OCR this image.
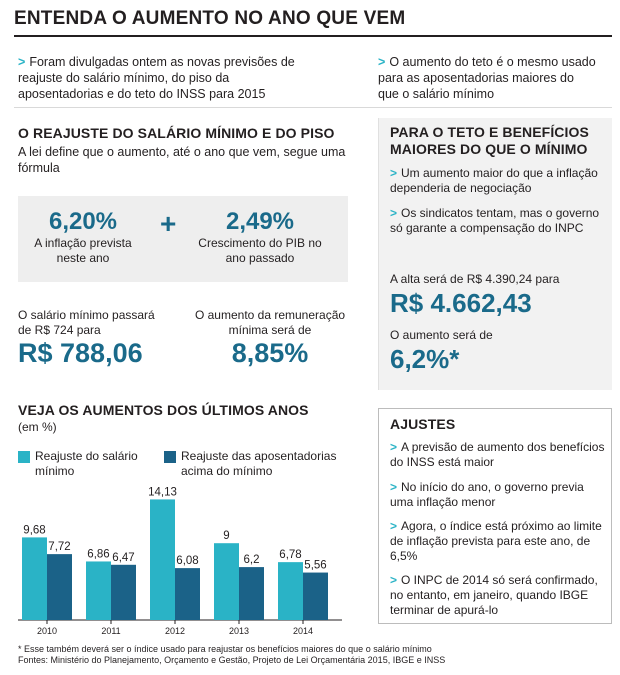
ENTENDA O AUMENTO NO ANO QUE VEM
> Foram divulgadas ontem as novas previsões de reajuste do salário mínimo, do piso da aposentadorias e do teto do INSS para 2015
> O aumento do teto é o mesmo usado para as aposentadorias maiores do que o salário mínimo
O REAJUSTE DO SALÁRIO MÍNIMO E DO PISO
A lei define que o aumento, até o ano que vem, segue uma fórmula
6,20%
A inflação prevista neste ano
+	2,49%
Crescimento do PIB no ano passado
O salário mínimo passará de R$ 724 para
R$ 788,06
O aumento da remuneração mínima será de
8,85%
PARA O TETO E BENEFÍCIOS MAIORES DO QUE O MÍNIMO
> Um aumento maior do que a inflação dependeria de negociação
> Os sindicatos tentam, mas o governo só garante a compensação do INPC
A alta será de R$ 4.390,24 para
R$ 4.662,43
O aumento será de
6,2%*
VEJA OS AUMENTOS DOS ÚLTIMOS ANOS
(em %)
Reajuste do salário mínimo
Reajuste das aposentadorias acima do mínimo
9,68
7,72
2010
6,86 6,47
2011
14,13
6,08
2012
9
6,2
2013
6,78
5,56
2014
AJUSTES
> A previsão de aumento dos benefícios do INSS está maior
> No início do ano, o governo previa uma inflação menor
> Agora, o índice está próximo ao limite de inflação prevista para este ano, de 6,5%
> O INPC de 2014 só será confirmado, no entanto, em janeiro, quando IBGE terminar de apurá-lo
* Esse também deverá ser o índice usado para reajustar os benefícios maiores do que o salário mínimo
Fontes: Ministério do Planejamento, Orçamento e Gestão, Projeto de Lei Orçamentária 2015, IBGE e INSS
